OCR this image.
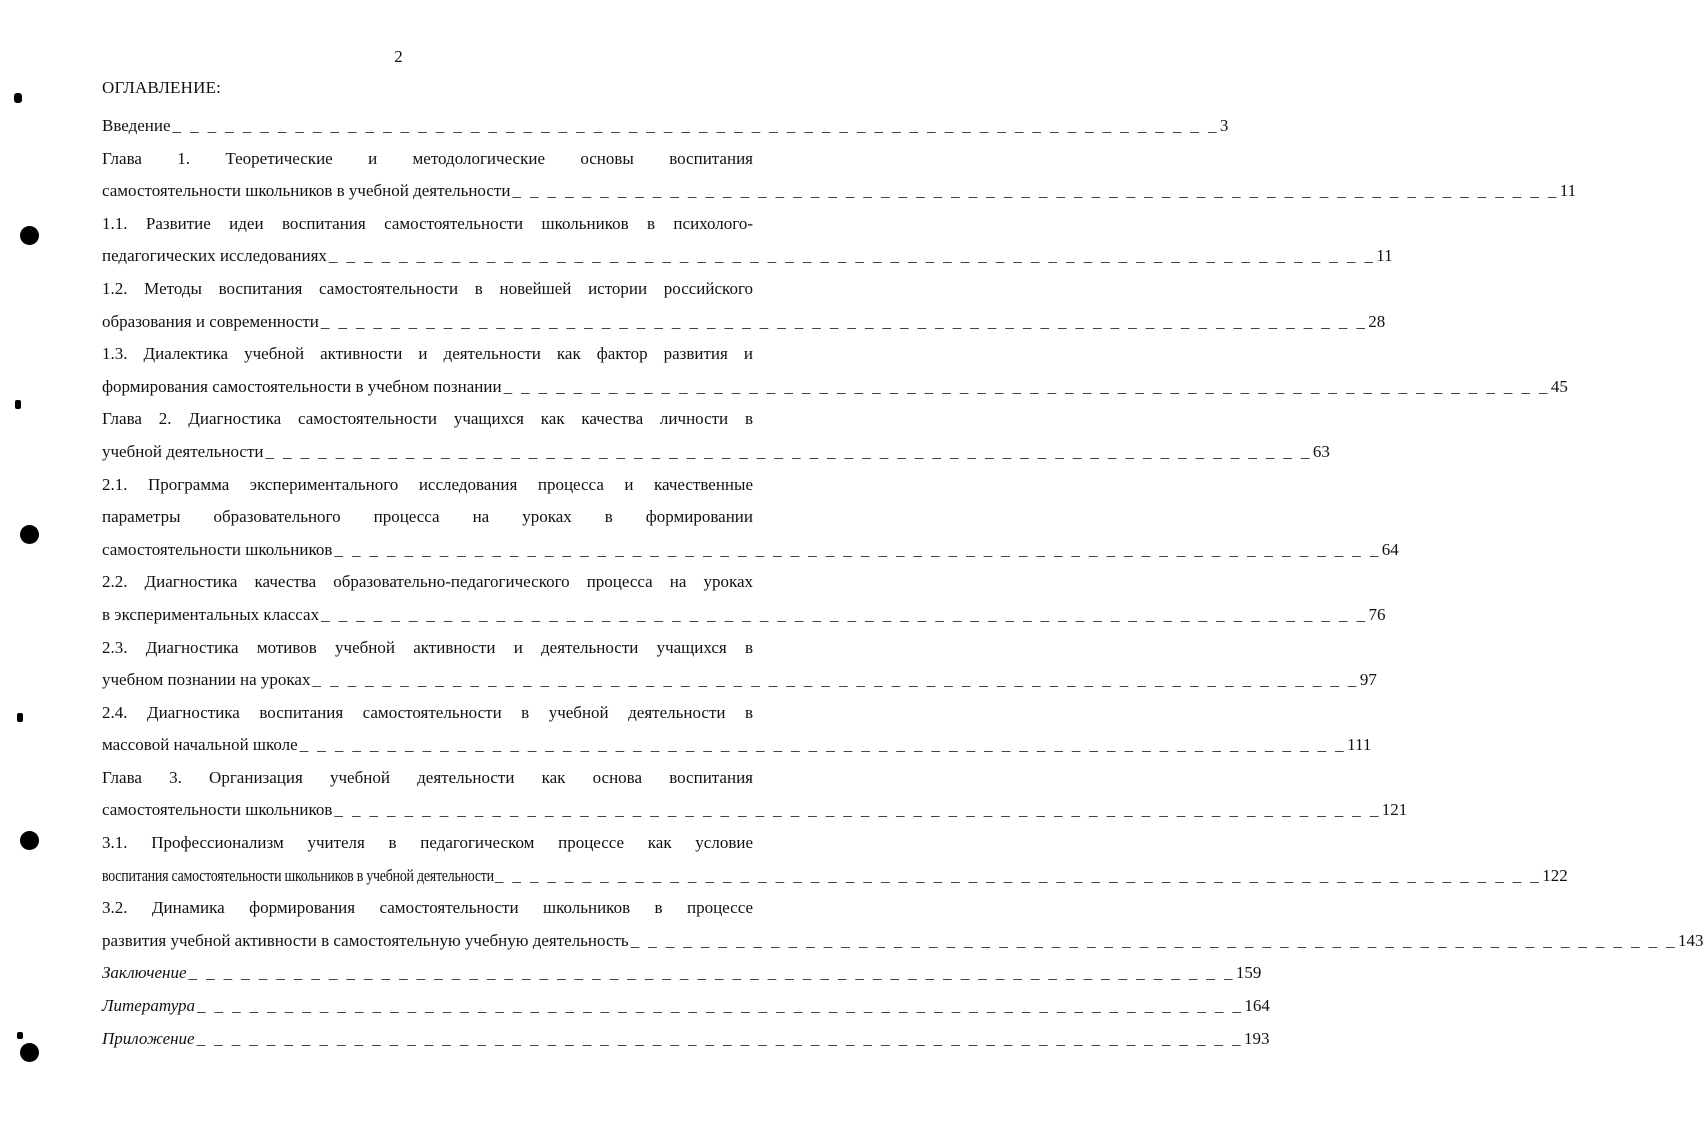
2
ОГЛАВЛЕНИЕ:
Введение _ _ _ _ _ _ _ _ _ _ _ _ _ _ _ _ _ _ _ _ _ _ _ _ _ _ _ _ _ _ _ _ _ _ _ _ _ _ _ _ _ _ _ _ _ _ _ _ _ _ _ _ _ _ _ _ _ _ _ _ 3
Глава 1. Теоретические и методологические основы воспитания
самостоятельности школьников в учебной деятельности _ _ _ _ _ _ _ _ _ _ _ _ _ _ _ _ _ _ _ _ _ _ _ _ _ _ _ _ _ _ _ _ _ _ _ _ _ _ _ _ _ _ _ _ _ _ _ _ _ _ _ _ _ _ _ _ _ _ _ _ 11
1.1. Развитие идеи воспитания самостоятельности школьников в психолого-
педагогических исследованиях _ _ _ _ _ _ _ _ _ _ _ _ _ _ _ _ _ _ _ _ _ _ _ _ _ _ _ _ _ _ _ _ _ _ _ _ _ _ _ _ _ _ _ _ _ _ _ _ _ _ _ _ _ _ _ _ _ _ _ _ 11
1.2. Методы воспитания самостоятельности в новейшей истории российского
образования и современности _ _ _ _ _ _ _ _ _ _ _ _ _ _ _ _ _ _ _ _ _ _ _ _ _ _ _ _ _ _ _ _ _ _ _ _ _ _ _ _ _ _ _ _ _ _ _ _ _ _ _ _ _ _ _ _ _ _ _ _ 28
1.3. Диалектика учебной активности и деятельности как фактор развития и
формирования самостоятельности в учебном познании _ _ _ _ _ _ _ _ _ _ _ _ _ _ _ _ _ _ _ _ _ _ _ _ _ _ _ _ _ _ _ _ _ _ _ _ _ _ _ _ _ _ _ _ _ _ _ _ _ _ _ _ _ _ _ _ _ _ _ _ 45
Глава 2. Диагностика самостоятельности учащихся как качества личности в
учебной деятельности _ _ _ _ _ _ _ _ _ _ _ _ _ _ _ _ _ _ _ _ _ _ _ _ _ _ _ _ _ _ _ _ _ _ _ _ _ _ _ _ _ _ _ _ _ _ _ _ _ _ _ _ _ _ _ _ _ _ _ _ 63
2.1. Программа экспериментального исследования процесса и качественные
параметры образовательного процесса на уроках в формировании
самостоятельности школьников _ _ _ _ _ _ _ _ _ _ _ _ _ _ _ _ _ _ _ _ _ _ _ _ _ _ _ _ _ _ _ _ _ _ _ _ _ _ _ _ _ _ _ _ _ _ _ _ _ _ _ _ _ _ _ _ _ _ _ _ 64
2.2. Диагностика качества образовательно-педагогического процесса на уроках
в экспериментальных классах _ _ _ _ _ _ _ _ _ _ _ _ _ _ _ _ _ _ _ _ _ _ _ _ _ _ _ _ _ _ _ _ _ _ _ _ _ _ _ _ _ _ _ _ _ _ _ _ _ _ _ _ _ _ _ _ _ _ _ _ 76
2.3. Диагностика мотивов учебной активности и деятельности учащихся в
учебном познании на уроках _ _ _ _ _ _ _ _ _ _ _ _ _ _ _ _ _ _ _ _ _ _ _ _ _ _ _ _ _ _ _ _ _ _ _ _ _ _ _ _ _ _ _ _ _ _ _ _ _ _ _ _ _ _ _ _ _ _ _ _ 97
2.4. Диагностика воспитания самостоятельности в учебной деятельности в
массовой начальной школе _ _ _ _ _ _ _ _ _ _ _ _ _ _ _ _ _ _ _ _ _ _ _ _ _ _ _ _ _ _ _ _ _ _ _ _ _ _ _ _ _ _ _ _ _ _ _ _ _ _ _ _ _ _ _ _ _ _ _ _ 111
Глава 3. Организация учебной деятельности как основа воспитания
самостоятельности школьников _ _ _ _ _ _ _ _ _ _ _ _ _ _ _ _ _ _ _ _ _ _ _ _ _ _ _ _ _ _ _ _ _ _ _ _ _ _ _ _ _ _ _ _ _ _ _ _ _ _ _ _ _ _ _ _ _ _ _ _ 121
3.1. Профессионализм учителя в педагогическом процессе как условие
воспитания самостоятельности школьников в учебной деятельности _ _ _ _ _ _ _ _ _ _ _ _ _ _ _ _ _ _ _ _ _ _ _ _ _ _ _ _ _ _ _ _ _ _ _ _ _ _ _ _ _ _ _ _ _ _ _ _ _ _ _ _ _ _ _ _ _ _ _ _ 122
3.2. Динамика формирования самостоятельности школьников в процессе
развития учебной активности в самостоятельную учебную деятельность _ _ _ _ _ _ _ _ _ _ _ _ _ _ _ _ _ _ _ _ _ _ _ _ _ _ _ _ _ _ _ _ _ _ _ _ _ _ _ _ _ _ _ _ _ _ _ _ _ _ _ _ _ _ _ _ _ _ _ _ 143
Заключение _ _ _ _ _ _ _ _ _ _ _ _ _ _ _ _ _ _ _ _ _ _ _ _ _ _ _ _ _ _ _ _ _ _ _ _ _ _ _ _ _ _ _ _ _ _ _ _ _ _ _ _ _ _ _ _ _ _ _ _ 159
Литература _ _ _ _ _ _ _ _ _ _ _ _ _ _ _ _ _ _ _ _ _ _ _ _ _ _ _ _ _ _ _ _ _ _ _ _ _ _ _ _ _ _ _ _ _ _ _ _ _ _ _ _ _ _ _ _ _ _ _ _ 164
Приложение _ _ _ _ _ _ _ _ _ _ _ _ _ _ _ _ _ _ _ _ _ _ _ _ _ _ _ _ _ _ _ _ _ _ _ _ _ _ _ _ _ _ _ _ _ _ _ _ _ _ _ _ _ _ _ _ _ _ _ _ 193
